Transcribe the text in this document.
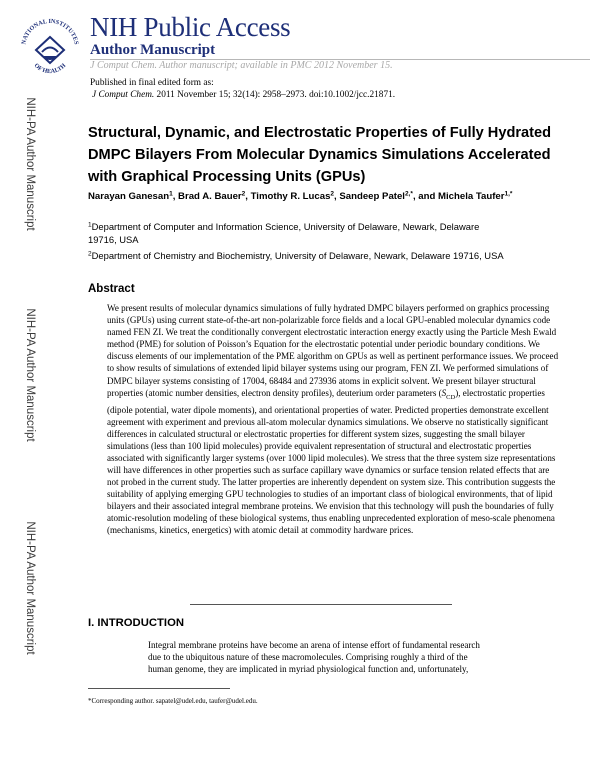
NATIONAL INSTITUTES
OF HEALTH
NIH Public Access
Author Manuscript
J Comput Chem. Author manuscript; available in PMC 2012 November 15.
Published in final edited form as:
J Comput Chem. 2011 November 15; 32(14): 2958–2973. doi:10.1002/jcc.21871.
NIH-PA Author Manuscript
NIH-PA Author Manuscript
NIH-PA Author Manuscript
Structural, Dynamic, and Electrostatic Properties of Fully Hydrated DMPC Bilayers From Molecular Dynamics Simulations Accelerated with Graphical Processing Units (GPUs)
Narayan Ganesan$^1$, Brad A. Bauer$^2$, Timothy R. Lucas$^2$, Sandeep Patel$^{2,*}$, and Michela Taufer$^{1,*}$
$^1$Department of Computer and Information Science, University of Delaware, Newark, Delaware 19716, USA
$^2$Department of Chemistry and Biochemistry, University of Delaware, Newark, Delaware 19716, USA
Abstract
We present results of molecular dynamics simulations of fully hydrated DMPC bilayers performed on graphics processing units (GPUs) using current state-of-the-art non-polarizable force fields and a local GPU-enabled molecular dynamics code named FEN ZI. We treat the conditionally convergent electrostatic interaction energy exactly using the Particle Mesh Ewald method (PME) for solution of Poisson’s Equation for the electrostatic potential under periodic boundary conditions. We discuss elements of our implementation of the PME algorithm on GPUs as well as pertinent performance issues. We proceed to show results of simulations of extended lipid bilayer systems using our program, FEN ZI. We performed simulations of DMPC bilayer systems consisting of 17004, 68484 and 273936 atoms in explicit solvent. We present bilayer structural properties (atomic number densities, electron density profiles), deuterium order parameters $(S_{CD})$, electrostatic properties (dipole potential, water dipole moments), and orientational properties of water. Predicted properties demonstrate excellent agreement with experiment and previous all-atom molecular dynamics simulations. We observe no statistically significant differences in calculated structural or electrostatic properties for different system sizes, suggesting the small bilayer simulations (less than 100 lipid molecules) provide equivalent representation of structural and electrostatic properties associated with significantly larger systems (over 1000 lipid molecules). We stress that the three system size representations will have differences in other properties such as surface capillary wave dynamics or surface tension related effects that are not probed in the current study. The latter properties are inherently dependent on system size. This contribution suggests the suitability of applying emerging GPU technologies to studies of an important class of biological environments, that of lipid bilayers and their associated integral membrane proteins. We envision that this technology will push the boundaries of fully atomic-resolution modeling of these biological systems, thus enabling unprecedented exploration of meso-scale phenomena (mechanisms, kinetics, energetics) with atomic detail at commodity hardware prices.
I. INTRODUCTION
Integral membrane proteins have become an arena of intense effort of fundamental research
due to the ubiquitous nature of these macromolecules. Comprising roughly a third of the
human genome, they are implicated in myriad physiological function and, unfortunately,
*Corresponding author. sapatel@udel.edu, taufer@udel.edu.
